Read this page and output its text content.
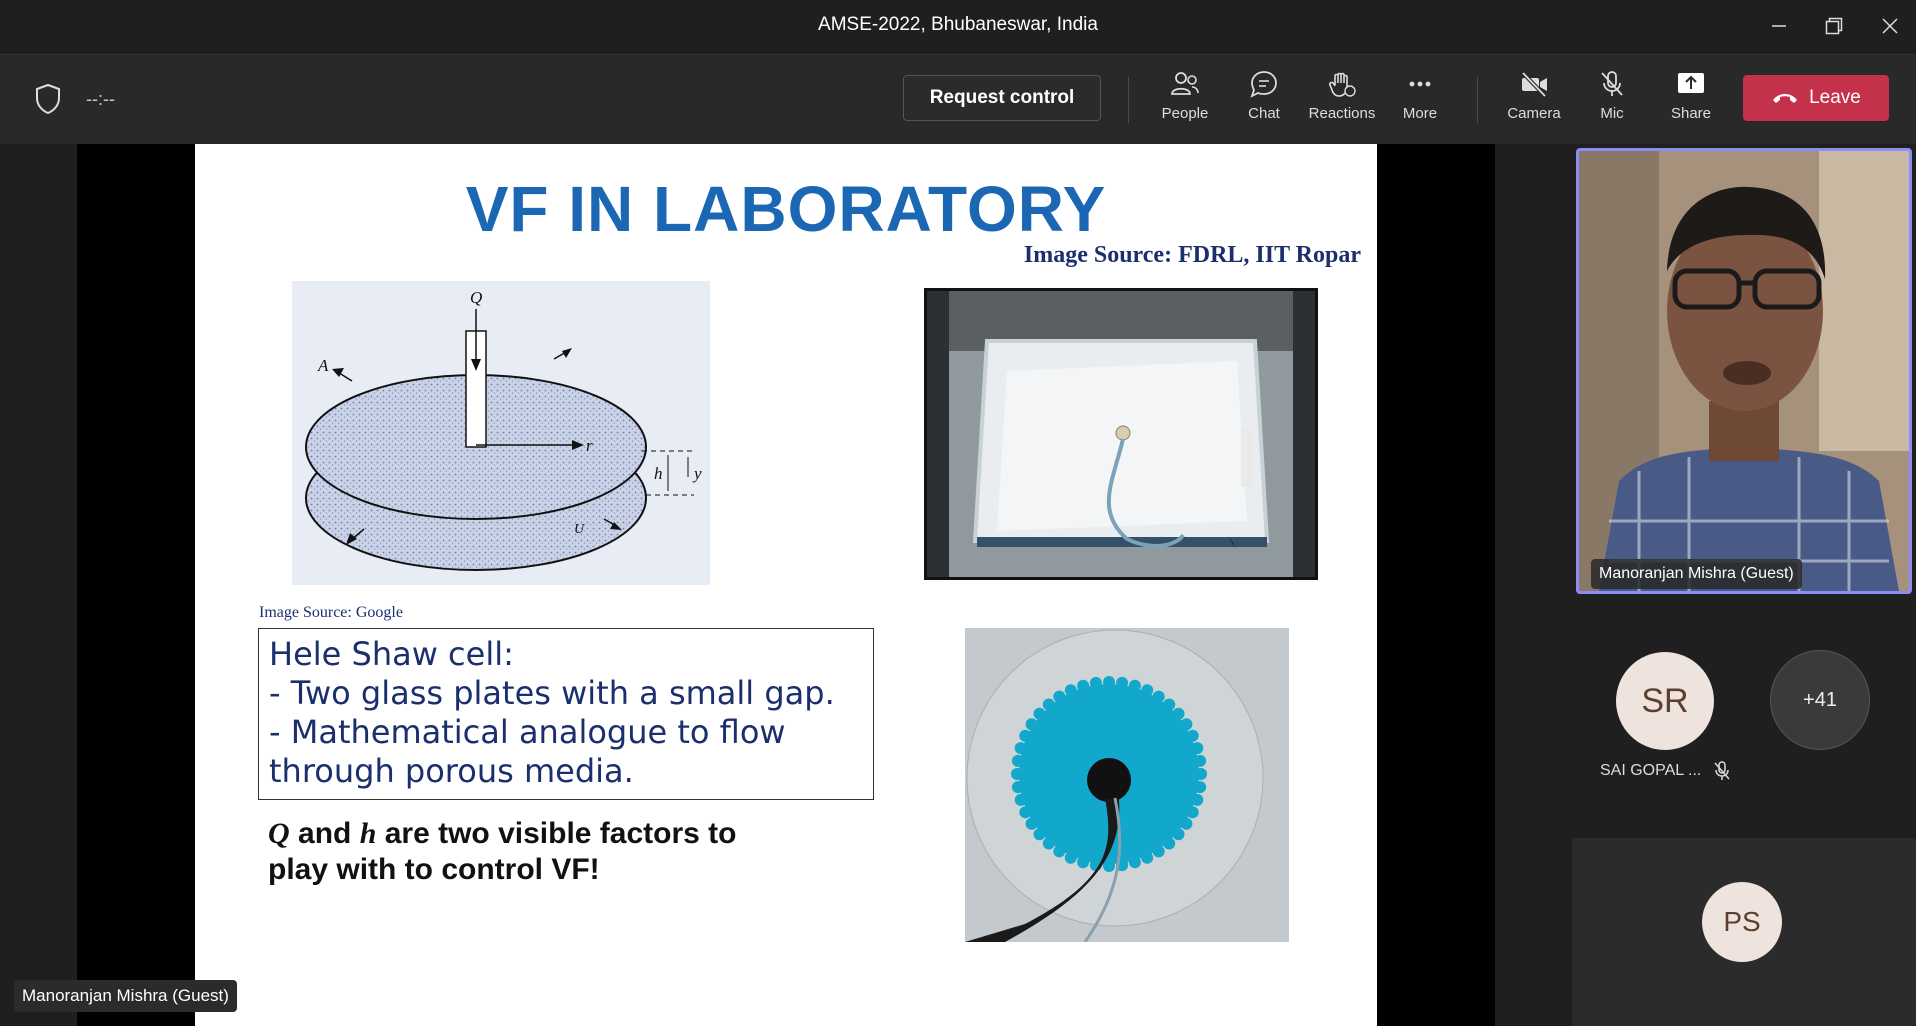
AMSE-2022, Bhubaneswar, India
--:--	Request control
People	Chat Reactions More	Camera	Mic	Share
Leave
VF IN LABORATORY
Image Source: FDRL, IIT Ropar
Q
A
r
h y
U
Image Source: Google
Hele Shaw cell:
- Two glass plates with a small gap.
- Mathematical analogue to flow
through porous media.
Q and h are two visible factors to
play with to control VF!
Manoranjan Mishra (Guest)
Manoranjan Mishra (Guest)
SR	+41
SAI GOPAL ...
PS
